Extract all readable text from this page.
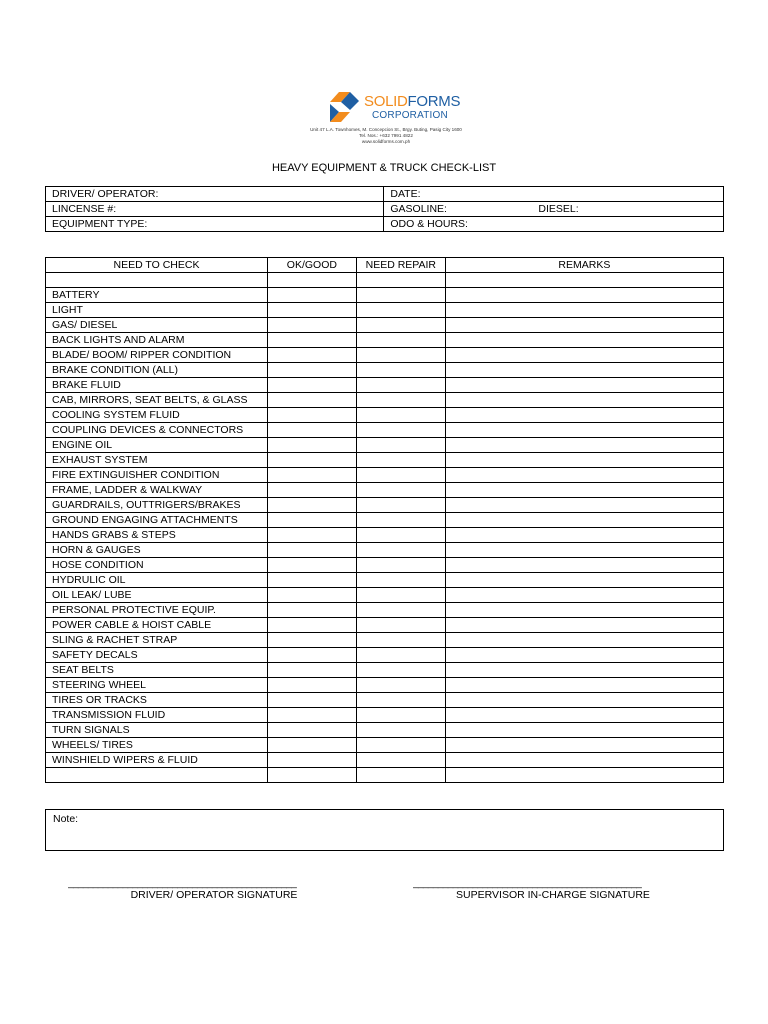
SOLIDFORMS
CORPORATION
Unit 47 L.A. Townhomes, M. Concepcion St., Brgy. Buting, Pasig City 1600
Tel. Nos.: +632 7991 4822
www.solidforms.com.ph
HEAVY EQUIPMENT & TRUCK CHECK-LIST
DRIVER/ OPERATOR:	DATE:
LINCENSE #:	GASOLINE: DIESEL:
EQUIPMENT TYPE:	ODO & HOURS:
NEED TO CHECK	OK/GOOD	NEED REPAIR	REMARKS

BATTERY			
LIGHT			
GAS/ DIESEL			
BACK LIGHTS AND ALARM			
BLADE/ BOOM/ RIPPER CONDITION			
BRAKE CONDITION (ALL)			
BRAKE FLUID			
CAB, MIRRORS, SEAT BELTS, & GLASS			
COOLING SYSTEM FLUID			
COUPLING DEVICES & CONNECTORS			
ENGINE OIL			
EXHAUST SYSTEM			
FIRE EXTINGUISHER CONDITION			
FRAME, LADDER & WALKWAY			
GUARDRAILS, OUTTRIGERS/BRAKES			
GROUND ENGAGING ATTACHMENTS			
HANDS GRABS & STEPS			
HORN & GAUGES			
HOSE CONDITION			
HYDRULIC OIL			
OIL LEAK/ LUBE			
PERSONAL PROTECTIVE EQUIP.			
POWER CABLE & HOIST CABLE			
SLING & RACHET STRAP			
SAFETY DECALS			
SEAT BELTS			
STEERING WHEEL			
TIRES OR TRACKS			
TRANSMISSION FLUID			
TURN SIGNALS			
WHEELS/ TIRES			
WINSHIELD WIPERS & FLUID			

Note:
______________________________________________
DRIVER/ OPERATOR SIGNATURE
______________________________________________
SUPERVISOR IN-CHARGE SIGNATURE
